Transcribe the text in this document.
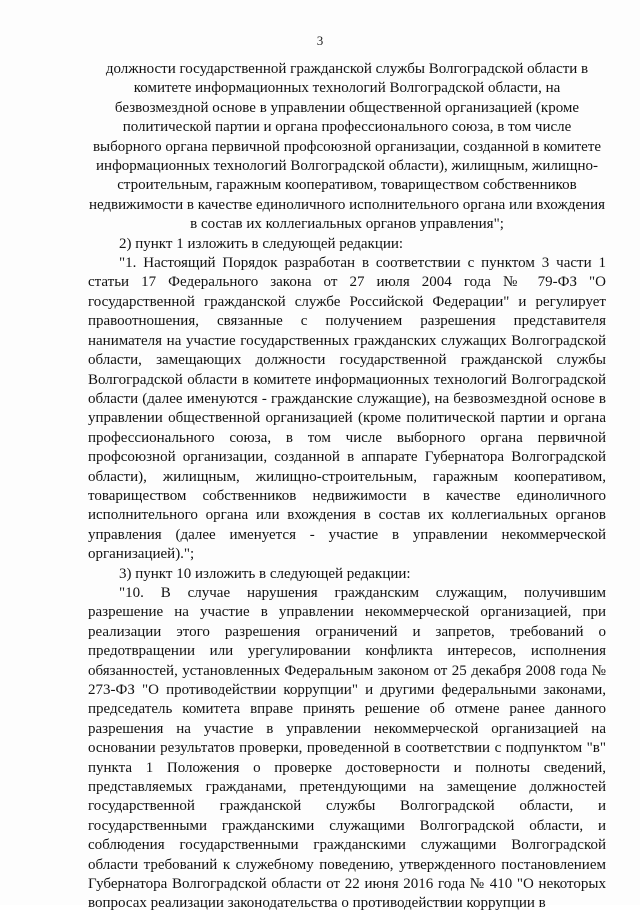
3

должности государственной гражданской службы Волгоградской области в комитете информационных технологий Волгоградской области, на безвозмездной основе в управлении общественной организацией (кроме политической партии и органа профессионального союза, в том числе выборного органа первичной профсоюзной организации, созданной в комитете информационных технологий Волгоградской области), жилищным, жилищно-строительным, гаражным кооперативом, товариществом собственников недвижимости в качестве единоличного исполнительного органа или вхождения в состав их коллегиальных органов управления";

2) пункт 1 изложить в следующей редакции:

"1. Настоящий Порядок разработан в соответствии с пунктом 3 части 1 статьи 17 Федерального закона от 27 июля 2004 года № 79-ФЗ "О государственной гражданской службе Российской Федерации" и регулирует правоотношения, связанные с получением разрешения представителя нанимателя на участие государственных гражданских служащих Волгоградской области, замещающих должности государственной гражданской службы Волгоградской области в комитете информационных технологий Волгоградской области (далее именуются - гражданские служащие), на безвозмездной основе в управлении общественной организацией (кроме политической партии и органа профессионального союза, в том числе выборного органа первичной профсоюзной организации, созданной в аппарате Губернатора Волгоградской области), жилищным, жилищно-строительным, гаражным кооперативом, товариществом собственников недвижимости в качестве единоличного исполнительного органа или вхождения в состав их коллегиальных органов управления (далее именуется - участие в управлении некоммерческой организацией).";

3) пункт 10 изложить в следующей редакции:

"10. В случае нарушения гражданским служащим, получившим разрешение на участие в управлении некоммерческой организацией, при реализации этого разрешения ограничений и запретов, требований о предотвращении или урегулировании конфликта интересов, исполнения обязанностей, установленных Федеральным законом от 25 декабря 2008 года № 273-ФЗ "О противодействии коррупции" и другими федеральными законами, председатель комитета вправе принять решение об отмене ранее данного разрешения на участие в управлении некоммерческой организацией на основании результатов проверки, проведенной в соответствии с подпунктом "в" пункта 1 Положения о проверке достоверности и полноты сведений, представляемых гражданами, претендующими на замещение должностей государственной гражданской службы Волгоградской области, и государственными гражданскими служащими Волгоградской области, и соблюдения государственными гражданскими служащими Волгоградской области требований к служебному поведению, утвержденного постановлением Губернатора Волгоградской области от 22 июня 2016 года № 410 "О некоторых вопросах реализации законодательства о противодействии коррупции в
